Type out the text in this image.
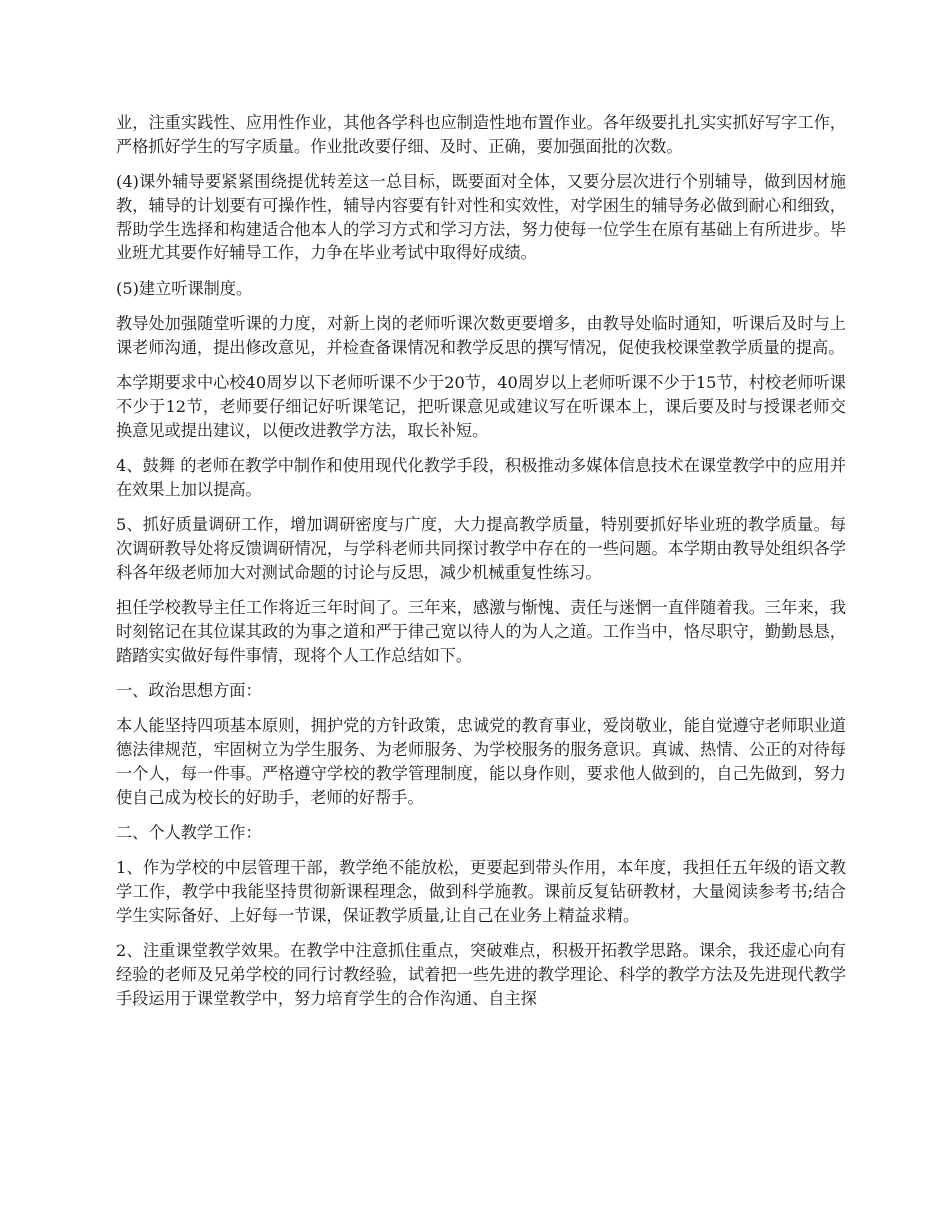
业，注重实践性、应用性作业，其他各学科也应制造性地布置作业。各年级要扎扎实实抓好写字工作，严格抓好学生的写字质量。作业批改要仔细、及时、正确，要加强面批的次数。

(4)课外辅导要紧紧围绕提优转差这一总目标，既要面对全体，又要分层次进行个别辅导，做到因材施教，辅导的计划要有可操作性，辅导内容要有针对性和实效性，对学困生的辅导务必做到耐心和细致，帮助学生选择和构建适合他本人的学习方式和学习方法，努力使每一位学生在原有基础上有所进步。毕业班尤其要作好辅导工作，力争在毕业考试中取得好成绩。

(5)建立听课制度。

教导处加强随堂听课的力度，对新上岗的老师听课次数更要增多，由教导处临时通知，听课后及时与上课老师沟通，提出修改意见，并检查备课情况和教学反思的撰写情况，促使我校课堂教学质量的提高。

本学期要求中心校40周岁以下老师听课不少于20节，40周岁以上老师听课不少于15节，村校老师听课不少于12节，老师要仔细记好听课笔记，把听课意见或建议写在听课本上，课后要及时与授课老师交换意见或提出建议，以便改进教学方法，取长补短。

4、鼓舞 的老师在教学中制作和使用现代化教学手段，积极推动多媒体信息技术在课堂教学中的应用并在效果上加以提高。

5、抓好质量调研工作，增加调研密度与广度，大力提高教学质量，特别要抓好毕业班的教学质量。每次调研教导处将反馈调研情况，与学科老师共同探讨教学中存在的一些问题。本学期由教导处组织各学科各年级老师加大对测试命题的讨论与反思，减少机械重复性练习。

担任学校教导主任工作将近三年时间了。三年来，感激与惭愧、责任与迷惘一直伴随着我。三年来，我时刻铭记在其位谋其政的为事之道和严于律己宽以待人的为人之道。工作当中，恪尽职守，勤勤恳恳，踏踏实实做好每件事情，现将个人工作总结如下。

一、政治思想方面：

本人能坚持四项基本原则，拥护党的方针政策，忠诚党的教育事业，爱岗敬业，能自觉遵守老师职业道德法律规范，牢固树立为学生服务、为老师服务、为学校服务的服务意识。真诚、热情、公正的对待每一个人，每一件事。严格遵守学校的教学管理制度，能以身作则，要求他人做到的，自己先做到，努力使自己成为校长的好助手，老师的好帮手。

二、个人教学工作：

1、作为学校的中层管理干部，教学绝不能放松，更要起到带头作用，本年度，我担任五年级的语文教学工作，教学中我能坚持贯彻新课程理念，做到科学施教。课前反复钻研教材，大量阅读参考书;结合学生实际备好、上好每一节课，保证教学质量,让自己在业务上精益求精。

2、注重课堂教学效果。在教学中注意抓住重点，突破难点，积极开拓教学思路。课余，我还虚心向有经验的老师及兄弟学校的同行讨教经验，试着把一些先进的教学理论、科学的教学方法及先进现代教学手段运用于课堂教学中，努力培育学生的合作沟通、自主探
